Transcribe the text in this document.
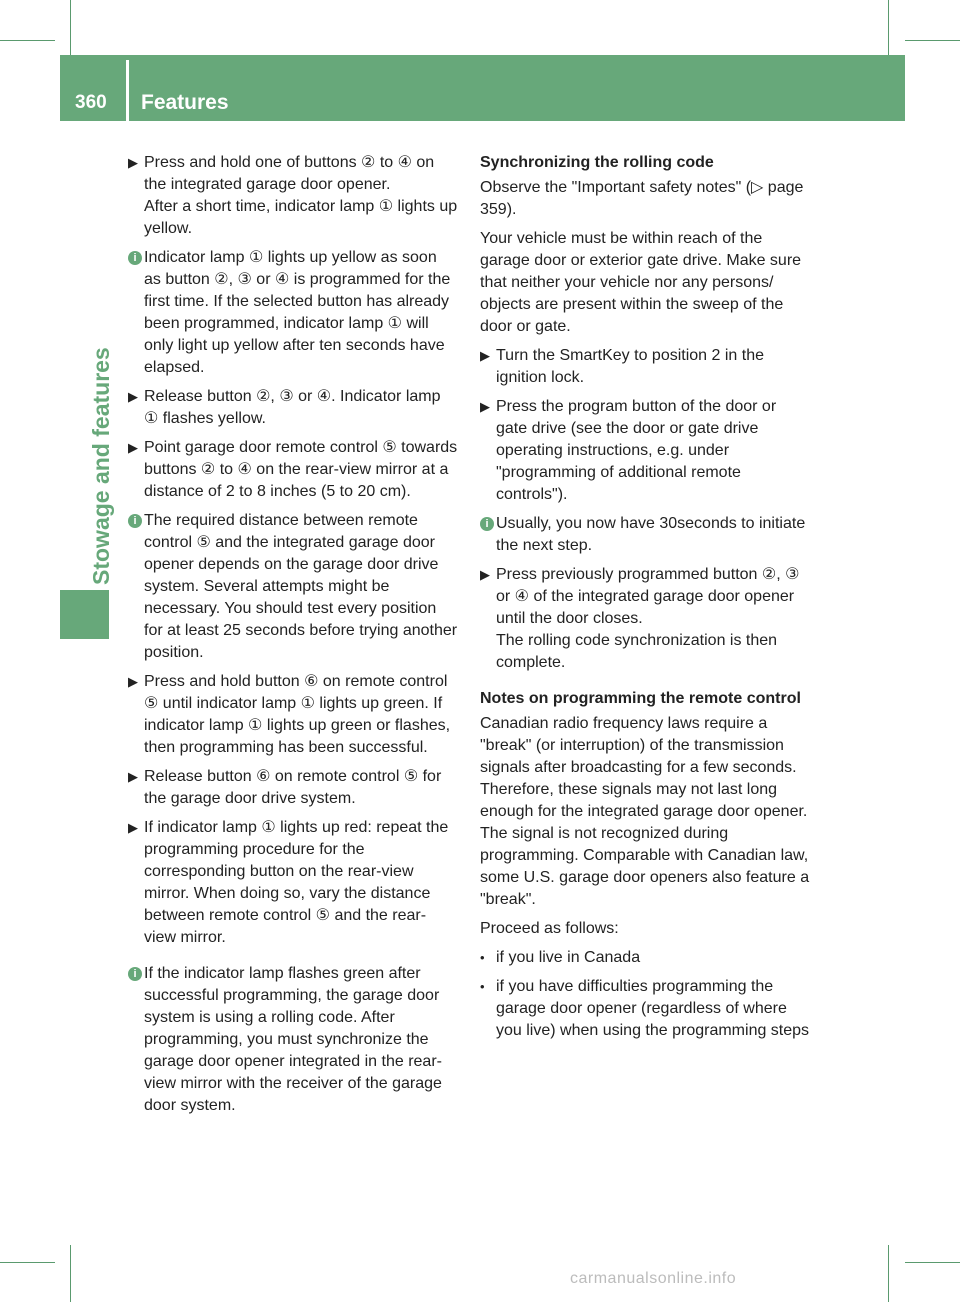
360	Features
Stowage and features
▶ Press and hold one of buttons ② to ④ on the integrated garage door opener.
After a short time, indicator lamp ① lights up yellow.
i Indicator lamp ① lights up yellow as soon as button ②, ③ or ④ is programmed for the first time. If the selected button has already been programmed, indicator lamp ① will only light up yellow after ten seconds have elapsed.
▶ Release button ②, ③ or ④. Indicator lamp ① flashes yellow.
▶ Point garage door remote control ⑤ towards buttons ② to ④ on the rear-view mirror at a distance of 2 to 8 inches (5 to 20 cm).
i The required distance between remote control ⑤ and the integrated garage door opener depends on the garage door drive system. Several attempts might be necessary. You should test every position for at least 25 seconds before trying another position.
▶ Press and hold button ⑥ on remote control ⑤ until indicator lamp ① lights up green. If indicator lamp ① lights up green or flashes, then programming has been successful.
▶ Release button ⑥ on remote control ⑤ for the garage door drive system.
▶ If indicator lamp ① lights up red: repeat the programming procedure for the corresponding button on the rear-view mirror. When doing so, vary the distance between remote control ⑤ and the rear-view mirror.
i If the indicator lamp flashes green after successful programming, the garage door system is using a rolling code. After programming, you must synchronize the garage door opener integrated in the rear-view mirror with the receiver of the garage door system.
Synchronizing the rolling code
Observe the "Important safety notes" (▷ page 359).
Your vehicle must be within reach of the garage door or exterior gate drive. Make sure that neither your vehicle nor any persons/ objects are present within the sweep of the door or gate.
▶ Turn the SmartKey to position 2 in the ignition lock.
▶ Press the program button of the door or gate drive (see the door or gate drive operating instructions, e.g. under "programming of additional remote controls").
i Usually, you now have 30seconds to initiate the next step.
▶ Press previously programmed button ②, ③ or ④ of the integrated garage door opener until the door closes.
The rolling code synchronization is then complete.
Notes on programming the remote control
Canadian radio frequency laws require a "break" (or interruption) of the transmission signals after broadcasting for a few seconds. Therefore, these signals may not last long enough for the integrated garage door opener. The signal is not recognized during programming. Comparable with Canadian law, some U.S. garage door openers also feature a "break".
Proceed as follows:
• if you live in Canada
• if you have difficulties programming the garage door opener (regardless of where you live) when using the programming steps
carmanualsonline.info
